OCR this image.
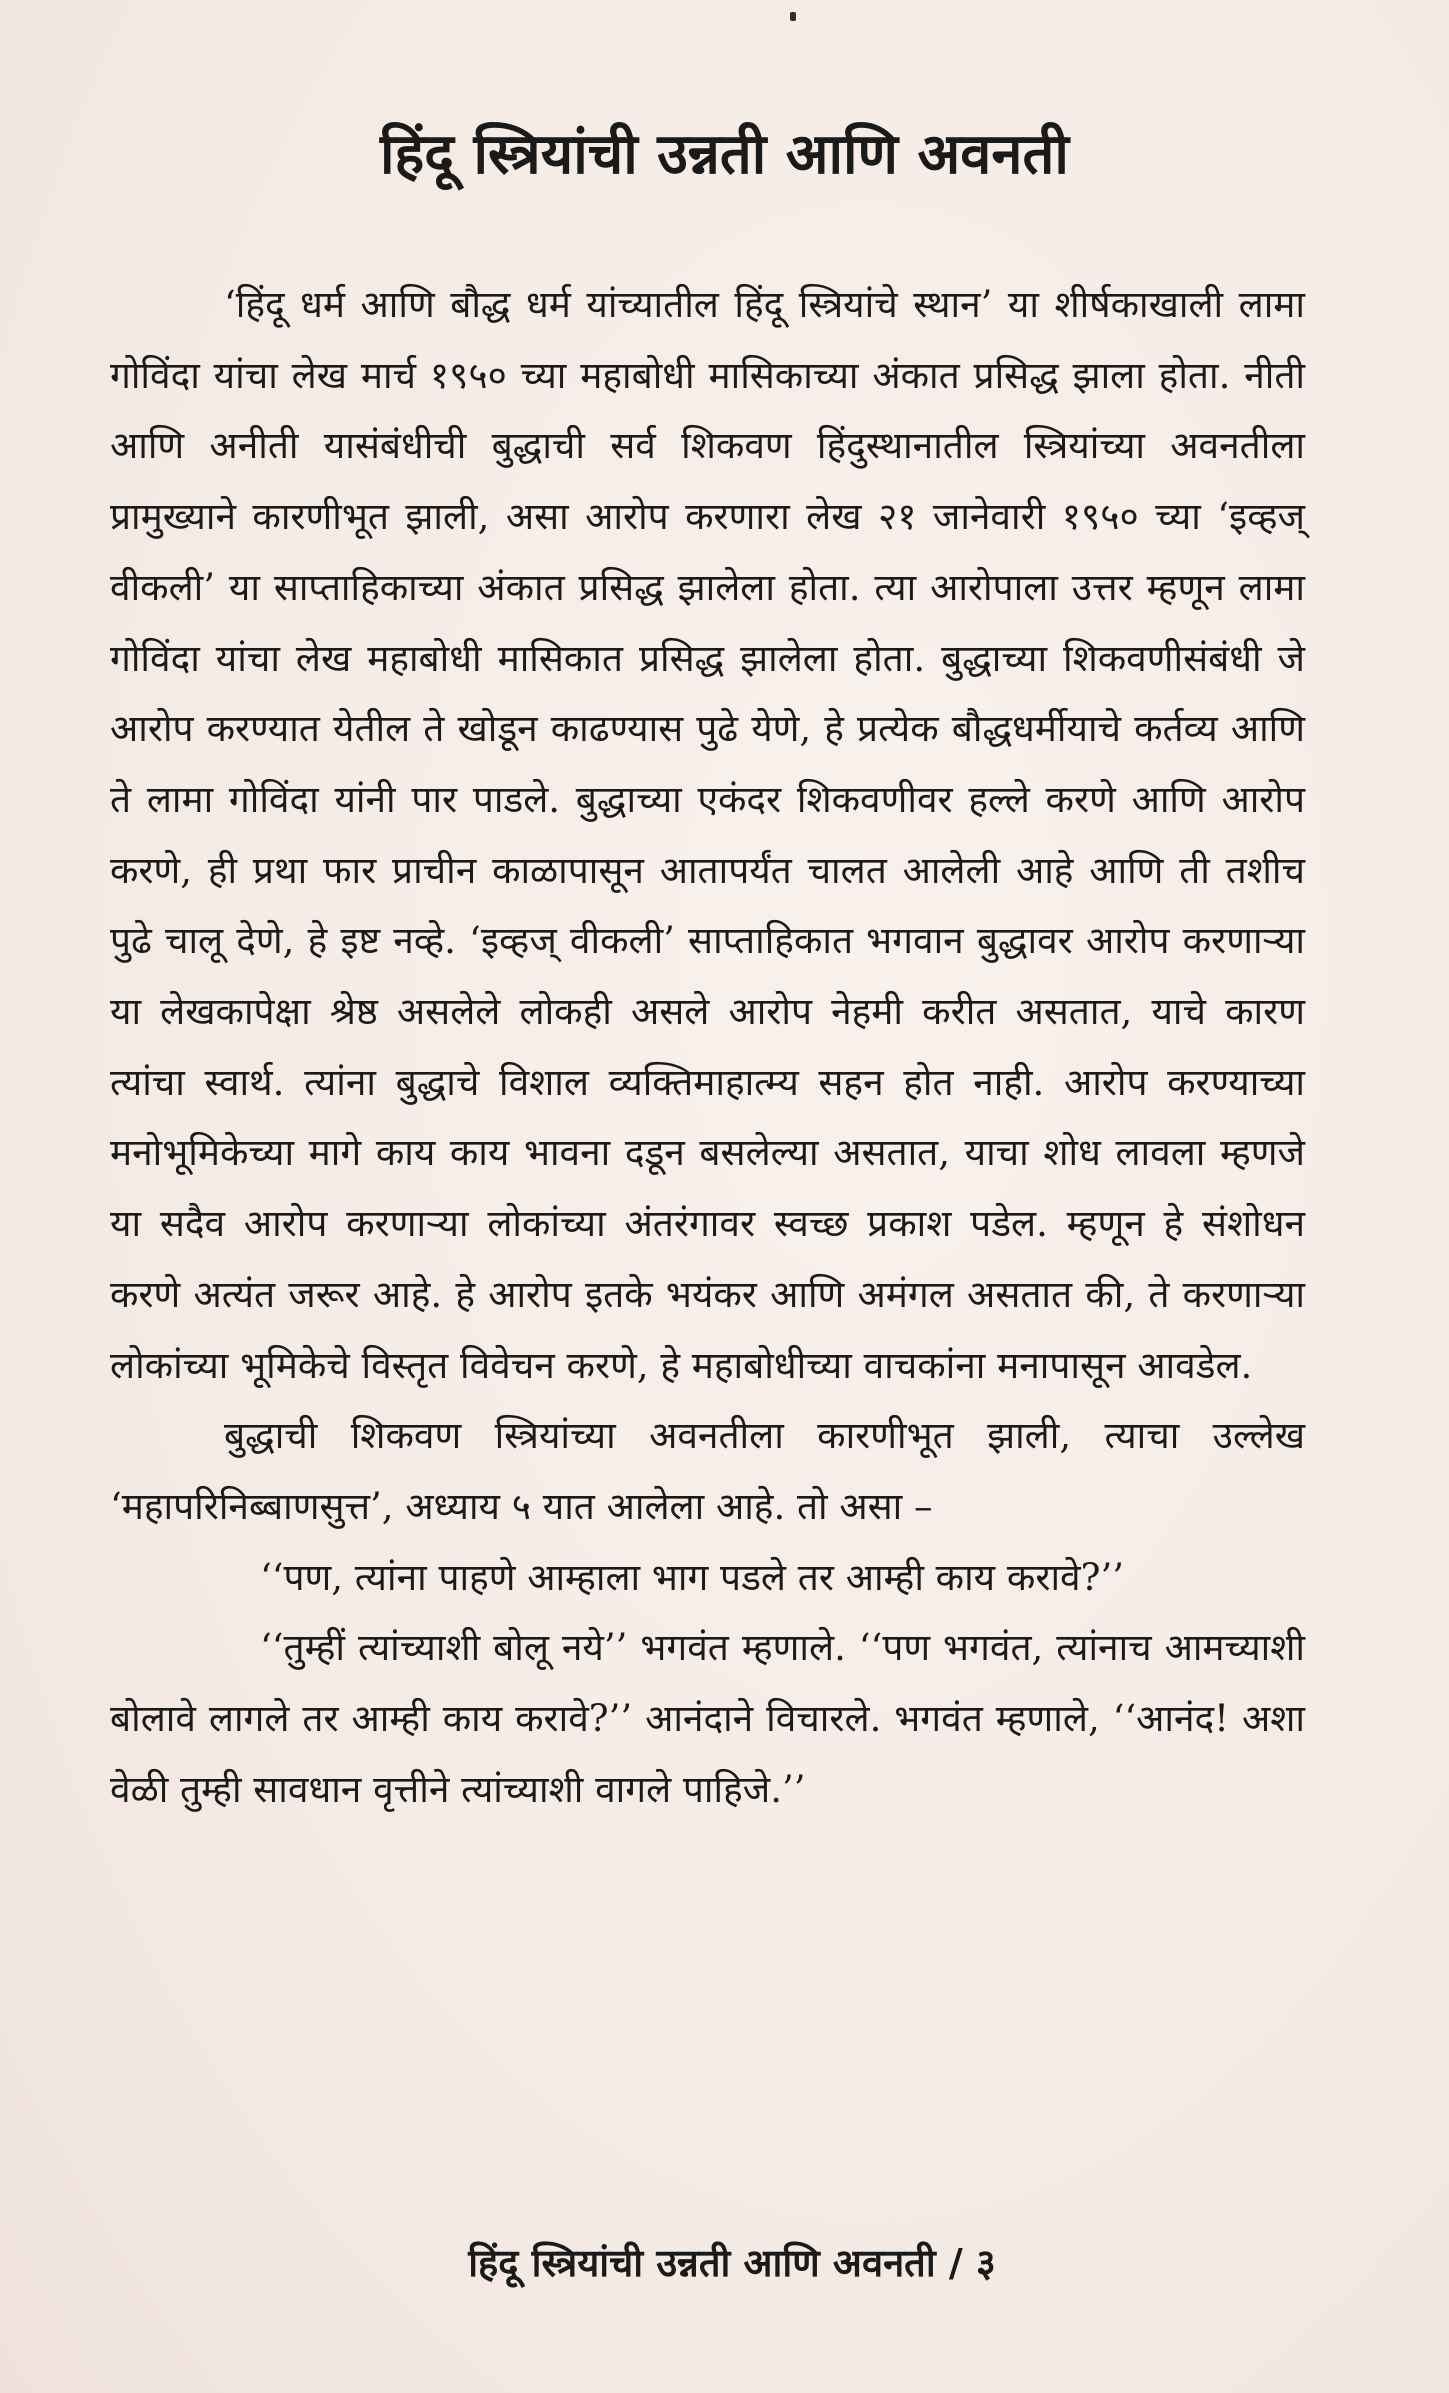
हिंदू स्त्रियांची उन्नती आणि अवनती

‘हिंदू धर्म आणि बौद्ध धर्म यांच्यातील हिंदू स्त्रियांचे स्थान’ या शीर्षकाखाली लामा गोविंदा यांचा लेख मार्च १९५० च्या महाबोधी मासिकाच्या अंकात प्रसिद्ध झाला होता. नीती आणि अनीती यासंबंधीची बुद्धाची सर्व शिकवण हिंदुस्थानातील स्त्रियांच्या अवनतीला प्रामुख्याने कारणीभूत झाली, असा आरोप करणारा लेख २१ जानेवारी १९५० च्या ‘इव्हज् वीकली’ या साप्ताहिकाच्या अंकात प्रसिद्ध झालेला होता. त्या आरोपाला उत्तर म्हणून लामा गोविंदा यांचा लेख महाबोधी मासिकात प्रसिद्ध झालेला होता. बुद्धाच्या शिकवणीसंबंधी जे आरोप करण्यात येतील ते खोडून काढण्यास पुढे येणे, हे प्रत्येक बौद्धधर्मीयाचे कर्तव्य आणि ते लामा गोविंदा यांनी पार पाडले. बुद्धाच्या एकंदर शिकवणीवर हल्ले करणे आणि आरोप करणे, ही प्रथा फार प्राचीन काळापासून आतापर्यंत चालत आलेली आहे आणि ती तशीच पुढे चालू देणे, हे इष्ट नव्हे. ‘इव्हज् वीकली’ साप्ताहिकात भगवान बुद्धावर आरोप करणाऱ्या या लेखकापेक्षा श्रेष्ठ असलेले लोकही असले आरोप नेहमी करीत असतात, याचे कारण त्यांचा स्वार्थ. त्यांना बुद्धाचे विशाल व्यक्तिमाहात्म्य सहन होत नाही. आरोप करण्याच्या मनोभूमिकेच्या मागे काय काय भावना दडून बसलेल्या असतात, याचा शोध लावला म्हणजे या सदैव आरोप करणाऱ्या लोकांच्या अंतरंगावर स्वच्छ प्रकाश पडेल. म्हणून हे संशोधन करणे अत्यंत जरूर आहे. हे आरोप इतके भयंकर आणि अमंगल असतात की, ते करणाऱ्या लोकांच्या भूमिकेचे विस्तृत विवेचन करणे, हे महाबोधीच्या वाचकांना मनापासून आवडेल.

बुद्धाची शिकवण स्त्रियांच्या अवनतीला कारणीभूत झाली, त्याचा उल्लेख ‘महापरिनिब्बाणसुत्त’, अध्याय ५ यात आलेला आहे. तो असा –

‘‘पण, त्यांना पाहणे आम्हाला भाग पडले तर आम्ही काय करावे?’’

‘‘तुम्हीं त्यांच्याशी बोलू नये’’ भगवंत म्हणाले. ‘‘पण भगवंत, त्यांनाच आमच्याशी बोलावे लागले तर आम्ही काय करावे?’’ आनंदाने विचारले. भगवंत म्हणाले, ‘‘आनंद! अशा वेळी तुम्ही सावधान वृत्तीने त्यांच्याशी वागले पाहिजे.’’

हिंदू स्त्रियांची उन्नती आणि अवनती / ३
